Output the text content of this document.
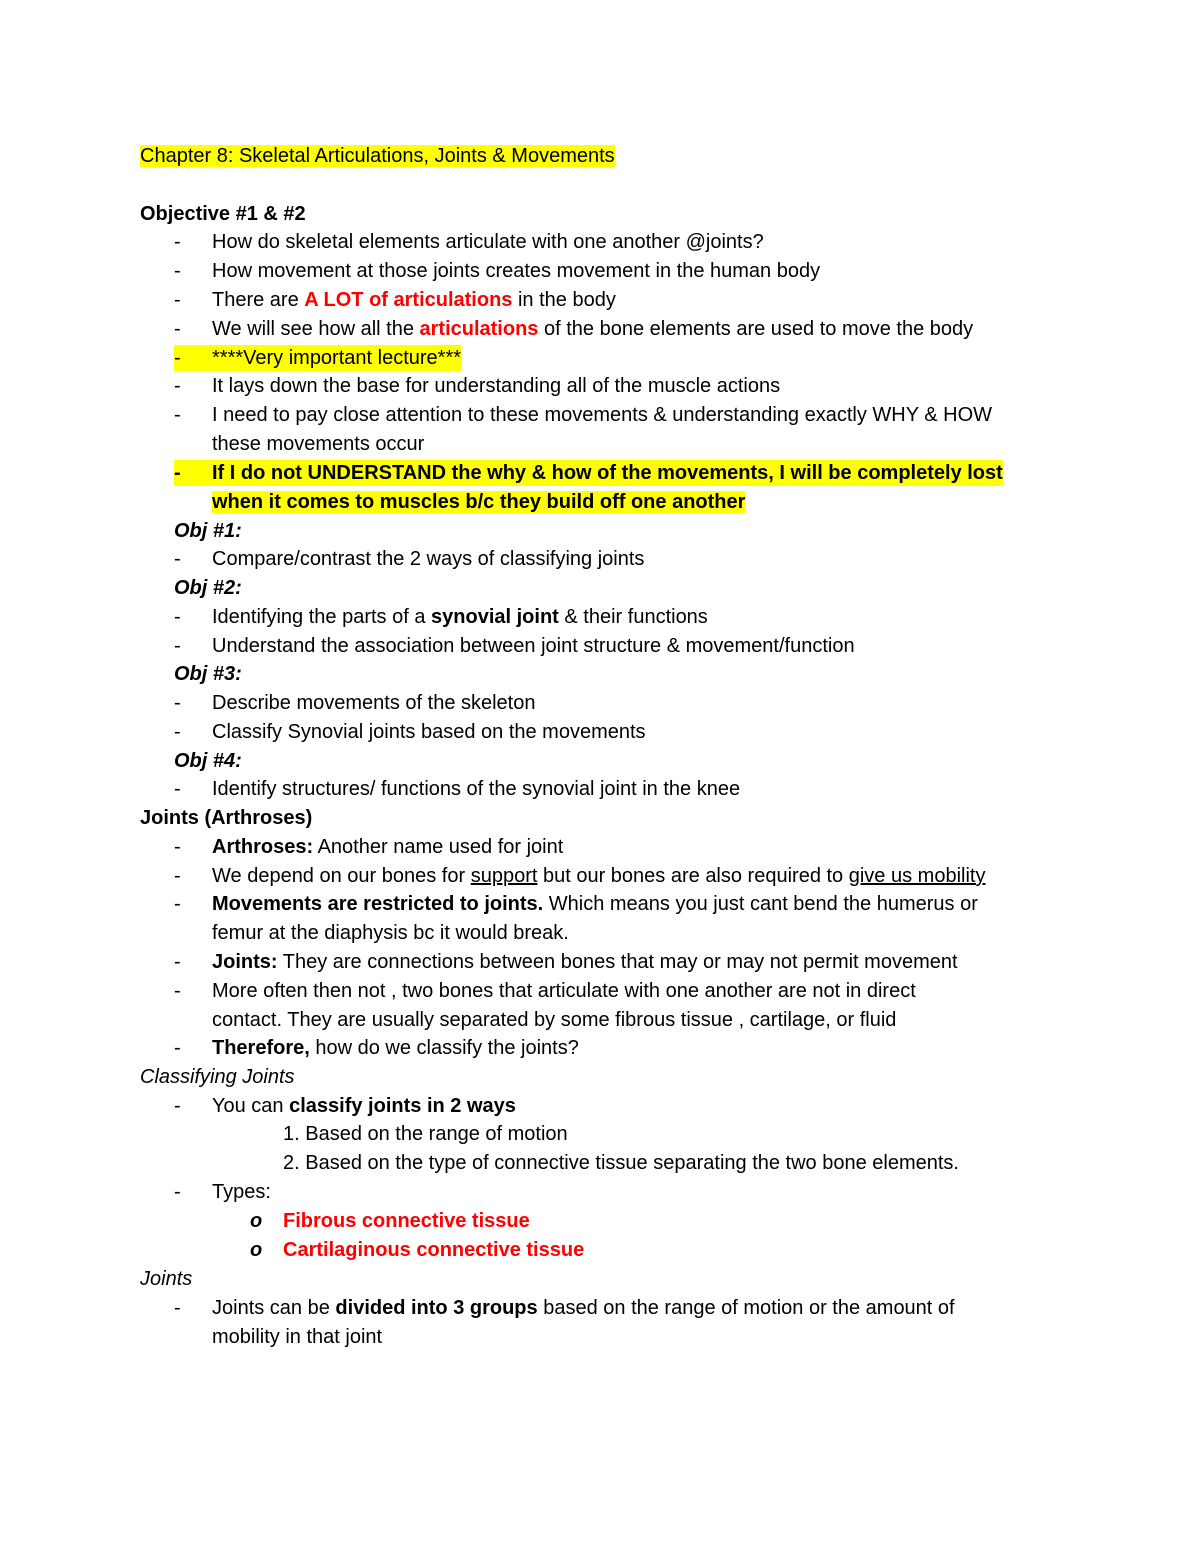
Chapter 8: Skeletal Articulations, Joints & Movements
Objective #1 & #2
-	How do skeletal elements articulate with one another @joints?
-	How movement at those joints creates movement in the human body
-	There are A LOT of articulations in the body
-	We will see how all the articulations of the bone elements are used to move the body
-	****Very important lecture***
-	It lays down the base for understanding all of the muscle actions
-	I need to pay close attention to these movements & understanding exactly WHY & HOW
these movements occur
-	If I do not UNDERSTAND the why & how of the movements, I will be completely lost
when it comes to muscles b/c they build off one another
Obj #1:
-	Compare/contrast the 2 ways of classifying joints
Obj #2:
-	Identifying the parts of a synovial joint & their functions
-	Understand the association between joint structure & movement/function
Obj #3:
-	Describe movements of the skeleton
-	Classify Synovial joints based on the movements
Obj #4:
-	Identify structures/ functions of the synovial joint in the knee
Joints (Arthroses)
-	Arthroses: Another name used for joint
-	We depend on our bones for support but our bones are also required to give us mobility
-	Movements are restricted to joints. Which means you just cant bend the humerus or
femur at the diaphysis bc it would break.
-	Joints: They are connections between bones that may or may not permit movement
-	More often then not , two bones that articulate with one another are not in direct
contact. They are usually separated by some fibrous tissue , cartilage, or fluid
-	Therefore, how do we classify the joints?
Classifying Joints
-	You can classify joints in 2 ways
1. Based on the range of motion
2. Based on the type of connective tissue separating the two bone elements.
-	Types:
o Fibrous connective tissue
o Cartilaginous connective tissue
Joints
-	Joints can be divided into 3 groups based on the range of motion or the amount of
mobility in that joint
